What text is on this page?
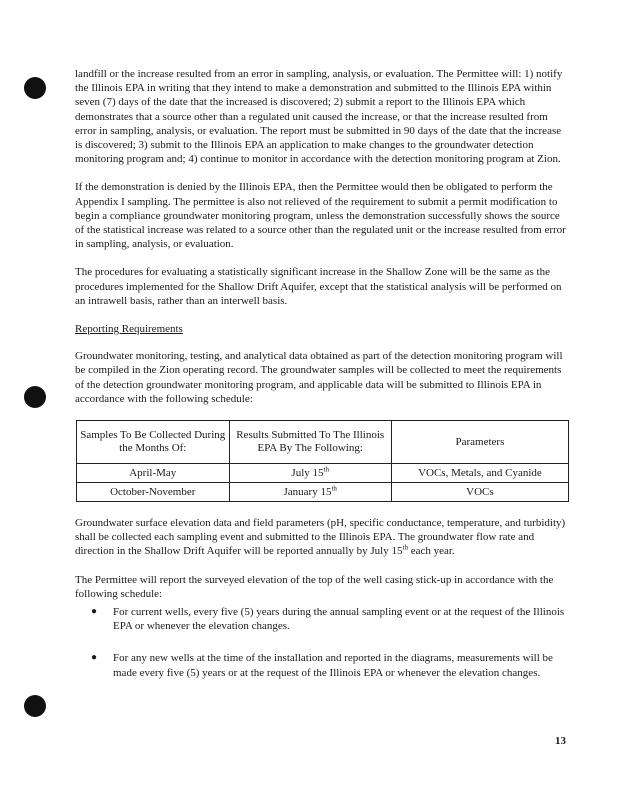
landfill or the increase resulted from an error in sampling, analysis, or evaluation. The Permittee will: 1) notify the Illinois EPA in writing that they intend to make a demonstration and submitted to the Illinois EPA within seven (7) days of the date that the increased is discovered; 2) submit a report to the Illinois EPA which demonstrates that a source other than a regulated unit caused the increase, or that the increase resulted from error in sampling, analysis, or evaluation. The report must be submitted in 90 days of the date that the increase is discovered; 3) submit to the Illinois EPA an application to make changes to the groundwater detection monitoring program and; 4) continue to monitor in accordance with the detection monitoring program at Zion.

If the demonstration is denied by the Illinois EPA, then the Permittee would then be obligated to perform the Appendix I sampling. The permittee is also not relieved of the requirement to submit a permit modification to begin a compliance groundwater monitoring program, unless the demonstration successfully shows the source of the statistical increase was related to a source other than the regulated unit or the increase resulted from error in sampling, analysis, or evaluation.

The procedures for evaluating a statistically significant increase in the Shallow Zone will be the same as the procedures implemented for the Shallow Drift Aquifer, except that the statistical analysis will be performed on an intrawell basis, rather than an interwell basis.

Reporting Requirements

Groundwater monitoring, testing, and analytical data obtained as part of the detection monitoring program will be compiled in the Zion operating record. The groundwater samples will be collected to meet the requirements of the detection groundwater monitoring program, and applicable data will be submitted to Illinois EPA in accordance with the following schedule:

Samples To Be Collected During the Months Of:	Results Submitted To The Illinois EPA By The Following:	Parameters
April-May	July 15th	VOCs, Metals, and Cyanide
October-November	January 15th	VOCs

Groundwater surface elevation data and field parameters (pH, specific conductance, temperature, and turbidity) shall be collected each sampling event and submitted to the Illinois EPA. The groundwater flow rate and direction in the Shallow Drift Aquifer will be reported annually by July 15th each year.

The Permittee will report the surveyed elevation of the top of the well casing stick-up in accordance with the following schedule:

● For current wells, every five (5) years during the annual sampling event or at the request of the Illinois EPA or whenever the elevation changes.
● For any new wells at the time of the installation and reported in the diagrams, measurements will be made every five (5) years or at the request of the Illinois EPA or whenever the elevation changes.
13
